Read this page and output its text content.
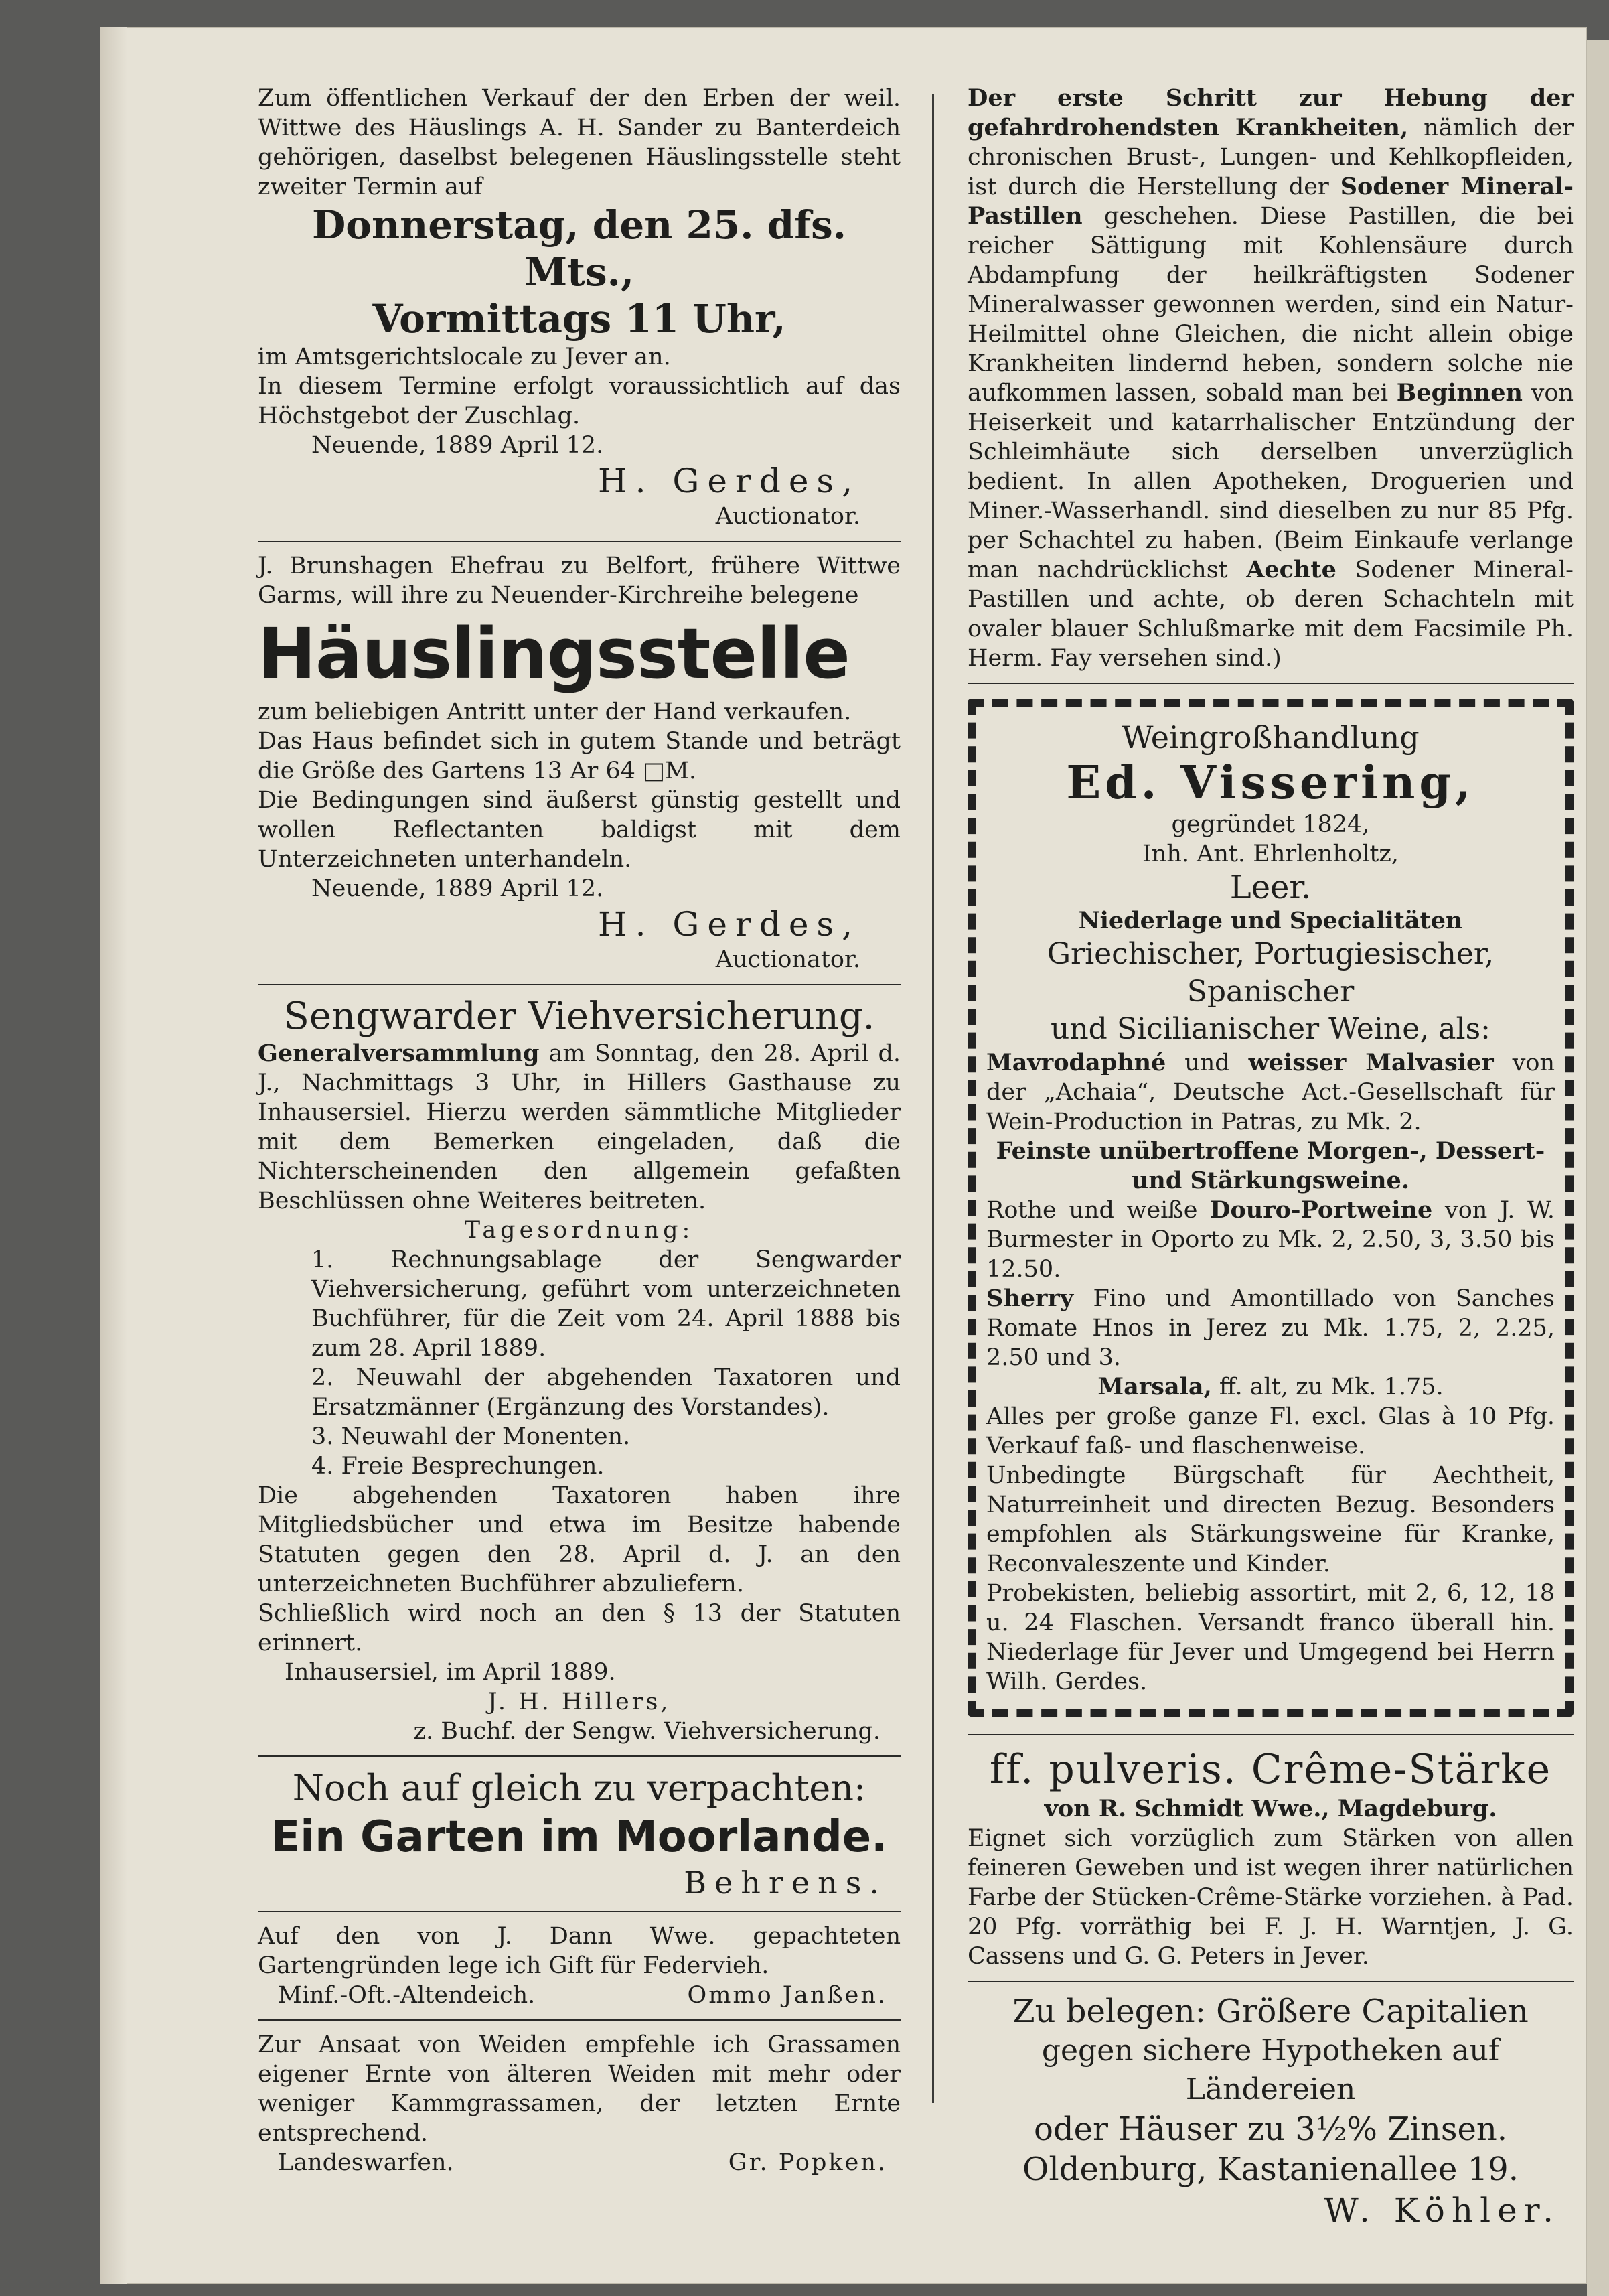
Zum öffentlichen Verkauf der den Erben der weil. Wittwe des Häuslings A. H. Sander zu Banterdeich gehörigen, daselbst belegenen Häuslingsstelle steht zweiter Termin auf

Donnerstag, den 25. dfs. Mts.,

Vormittags 11 Uhr,

im Amtsgerichtslocale zu Jever an.

In diesem Termine erfolgt voraussichtlich auf das Höchstgebot der Zuschlag.

Neuende, 1889 April 12.

H. Gerdes,

Auctionator.

J. Brunshagen Ehefrau zu Belfort, frühere Wittwe Garms, will ihre zu Neuender-Kirchreihe belegene

Häuslingsstelle

zum beliebigen Antritt unter der Hand verkaufen.

Das Haus befindet sich in gutem Stande und beträgt die Größe des Gartens 13 Ar 64 □M.

Die Bedingungen sind äußerst günstig gestellt und wollen Reflectanten baldigst mit dem Unterzeichneten unterhandeln.

Neuende, 1889 April 12.

H. Gerdes,

Auctionator.

Sengwarder Viehversicherung.

Generalversammlung am Sonntag, den 28. April d. J., Nachmittags 3 Uhr, in Hillers Gasthause zu Inhausersiel. Hierzu werden sämmtliche Mitglieder mit dem Bemerken eingeladen, daß die Nichterscheinenden den allgemein gefaßten Beschlüssen ohne Weiteres beitreten.

Tagesordnung:

1. Rechnungsablage der Sengwarder Viehversicherung, geführt vom unterzeichneten Buchführer, für die Zeit vom 24. April 1888 bis zum 28. April 1889.

2. Neuwahl der abgehenden Taxatoren und Ersatzmänner (Ergänzung des Vorstandes).

3. Neuwahl der Monenten.

4. Freie Besprechungen.

Die abgehenden Taxatoren haben ihre Mitgliedsbücher und etwa im Besitze habende Statuten gegen den 28. April d. J. an den unterzeichneten Buchführer abzuliefern.

Schließlich wird noch an den § 13 der Statuten erinnert.

Inhausersiel, im April 1889.

J. H. Hillers,

z. Buchf. der Sengw. Viehversicherung.

Noch auf gleich zu verpachten:

Ein Garten im Moorlande.

Behrens.

Auf den von J. Dann Wwe. gepachteten Gartengründen lege ich Gift für Federvieh.

Minf.-Oft.-Altendeich.	Ommo Janßen.

Zur Ansaat von Weiden empfehle ich Grassamen eigener Ernte von älteren Weiden mit mehr oder weniger Kammgrassamen, der letzten Ernte entsprechend.

Landeswarfen.	Gr. Popken.

Der erste Schritt zur Hebung der gefahrdrohendsten Krankheiten, nämlich der chronischen Brust-, Lungen- und Kehlkopfleiden, ist durch die Herstellung der Sodener Mineral-Pastillen geschehen. Diese Pastillen, die bei reicher Sättigung mit Kohlensäure durch Abdampfung der heilkräftigsten Sodener Mineralwasser gewonnen werden, sind ein Natur-Heilmittel ohne Gleichen, die nicht allein obige Krankheiten lindernd heben, sondern solche nie aufkommen lassen, sobald man bei Beginnen von Heiserkeit und katarrhalischer Entzündung der Schleimhäute sich derselben unverzüglich bedient. In allen Apotheken, Droguerien und Miner.-Wasserhandl. sind dieselben zu nur 85 Pfg. per Schachtel zu haben. (Beim Einkaufe verlange man nachdrücklichst Aechte Sodener Mineral-Pastillen und achte, ob deren Schachteln mit ovaler blauer Schlußmarke mit dem Facsimile Ph. Herm. Fay versehen sind.)

Weingroßhandlung

Ed. Vissering,

gegründet 1824,

Inh. Ant. Ehrlenholtz,

Leer.

Niederlage und Specialitäten

Griechischer, Portugiesischer, Spanischer

und Sicilianischer Weine, als:

Mavrodaphné und weisser Malvasier von der „Achaia“, Deutsche Act.-Gesellschaft für Wein-Production in Patras, zu Mk. 2.

Feinste unübertroffene Morgen-, Dessert- und Stärkungsweine.

Rothe und weiße Douro-Portweine von J. W. Burmester in Oporto zu Mk. 2, 2.50, 3, 3.50 bis 12.50.

Sherry Fino und Amontillado von Sanches Romate Hnos in Jerez zu Mk. 1.75, 2, 2.25, 2.50 und 3.

Marsala, ff. alt, zu Mk. 1.75.

Alles per große ganze Fl. excl. Glas à 10 Pfg. Verkauf faß- und flaschenweise.

Unbedingte Bürgschaft für Aechtheit, Naturreinheit und directen Bezug. Besonders empfohlen als Stärkungsweine für Kranke, Reconvaleszente und Kinder.

Probekisten, beliebig assortirt, mit 2, 6, 12, 18 u. 24 Flaschen. Versandt franco überall hin. Niederlage für Jever und Umgegend bei Herrn Wilh. Gerdes.

ff. pulveris. Crême-Stärke

von R. Schmidt Wwe., Magdeburg.

Eignet sich vorzüglich zum Stärken von allen feineren Geweben und ist wegen ihrer natürlichen Farbe der Stücken-Crême-Stärke vorziehen. à Pad. 20 Pfg. vorräthig bei F. J. H. Warntjen, J. G. Cassens und G. G. Peters in Jever.

Zu belegen: Größere Capitalien

gegen sichere Hypotheken auf Ländereien

oder Häuser zu 3½% Zinsen.

Oldenburg, Kastanienallee 19.

W. Köhler.
